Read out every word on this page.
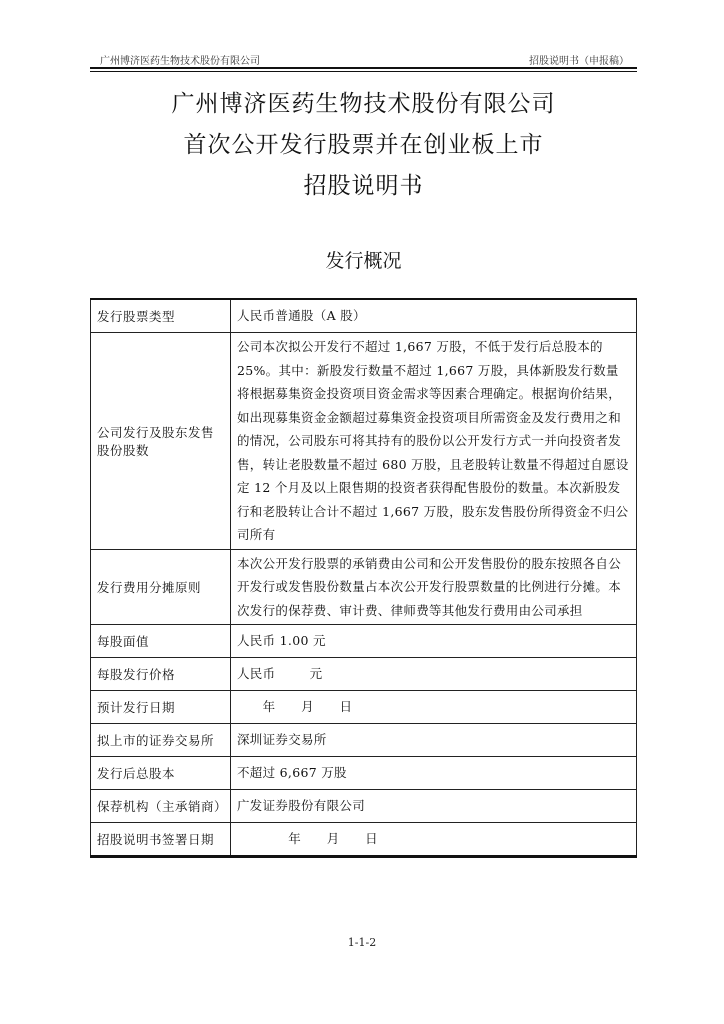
广州博济医药生物技术股份有限公司	招股说明书（申报稿）
广州博济医药生物技术股份有限公司
首次公开发行股票并在创业板上市
招股说明书
发行概况
发行股票类型	人民币普通股（A 股）
公司发行及股东发售股份股数	公司本次拟公开发行不超过 1,667 万股，不低于发行后总股本的 25%。其中：新股发行数量不超过 1,667 万股，具体新股发行数量将根据募集资金投资项目资金需求等因素合理确定。根据询价结果，如出现募集资金金额超过募集资金投资项目所需资金及发行费用之和的情况，公司股东可将其持有的股份以公开发行方式一并向投资者发售，转让老股数量不超过 680 万股，且老股转让数量不得超过自愿设定 12 个月及以上限售期的投资者获得配售股份的数量。本次新股发行和老股转让合计不超过 1,667 万股，股东发售股份所得资金不归公司所有
发行费用分摊原则	本次公开发行股票的承销费由公司和公开发售股份的股东按照各自公开发行或发售股份数量占本次公开发行股票数量的比例进行分摊。本次发行的保荐费、审计费、律师费等其他发行费用由公司承担
每股面值	人民币 1.00 元
每股发行价格	人民币        元
预计发行日期	年      月      日
拟上市的证券交易所	深圳证券交易所
发行后总股本	不超过 6,667 万股
保荐机构（主承销商）	广发证券股份有限公司
招股说明书签署日期	年      月      日
1-1-2
